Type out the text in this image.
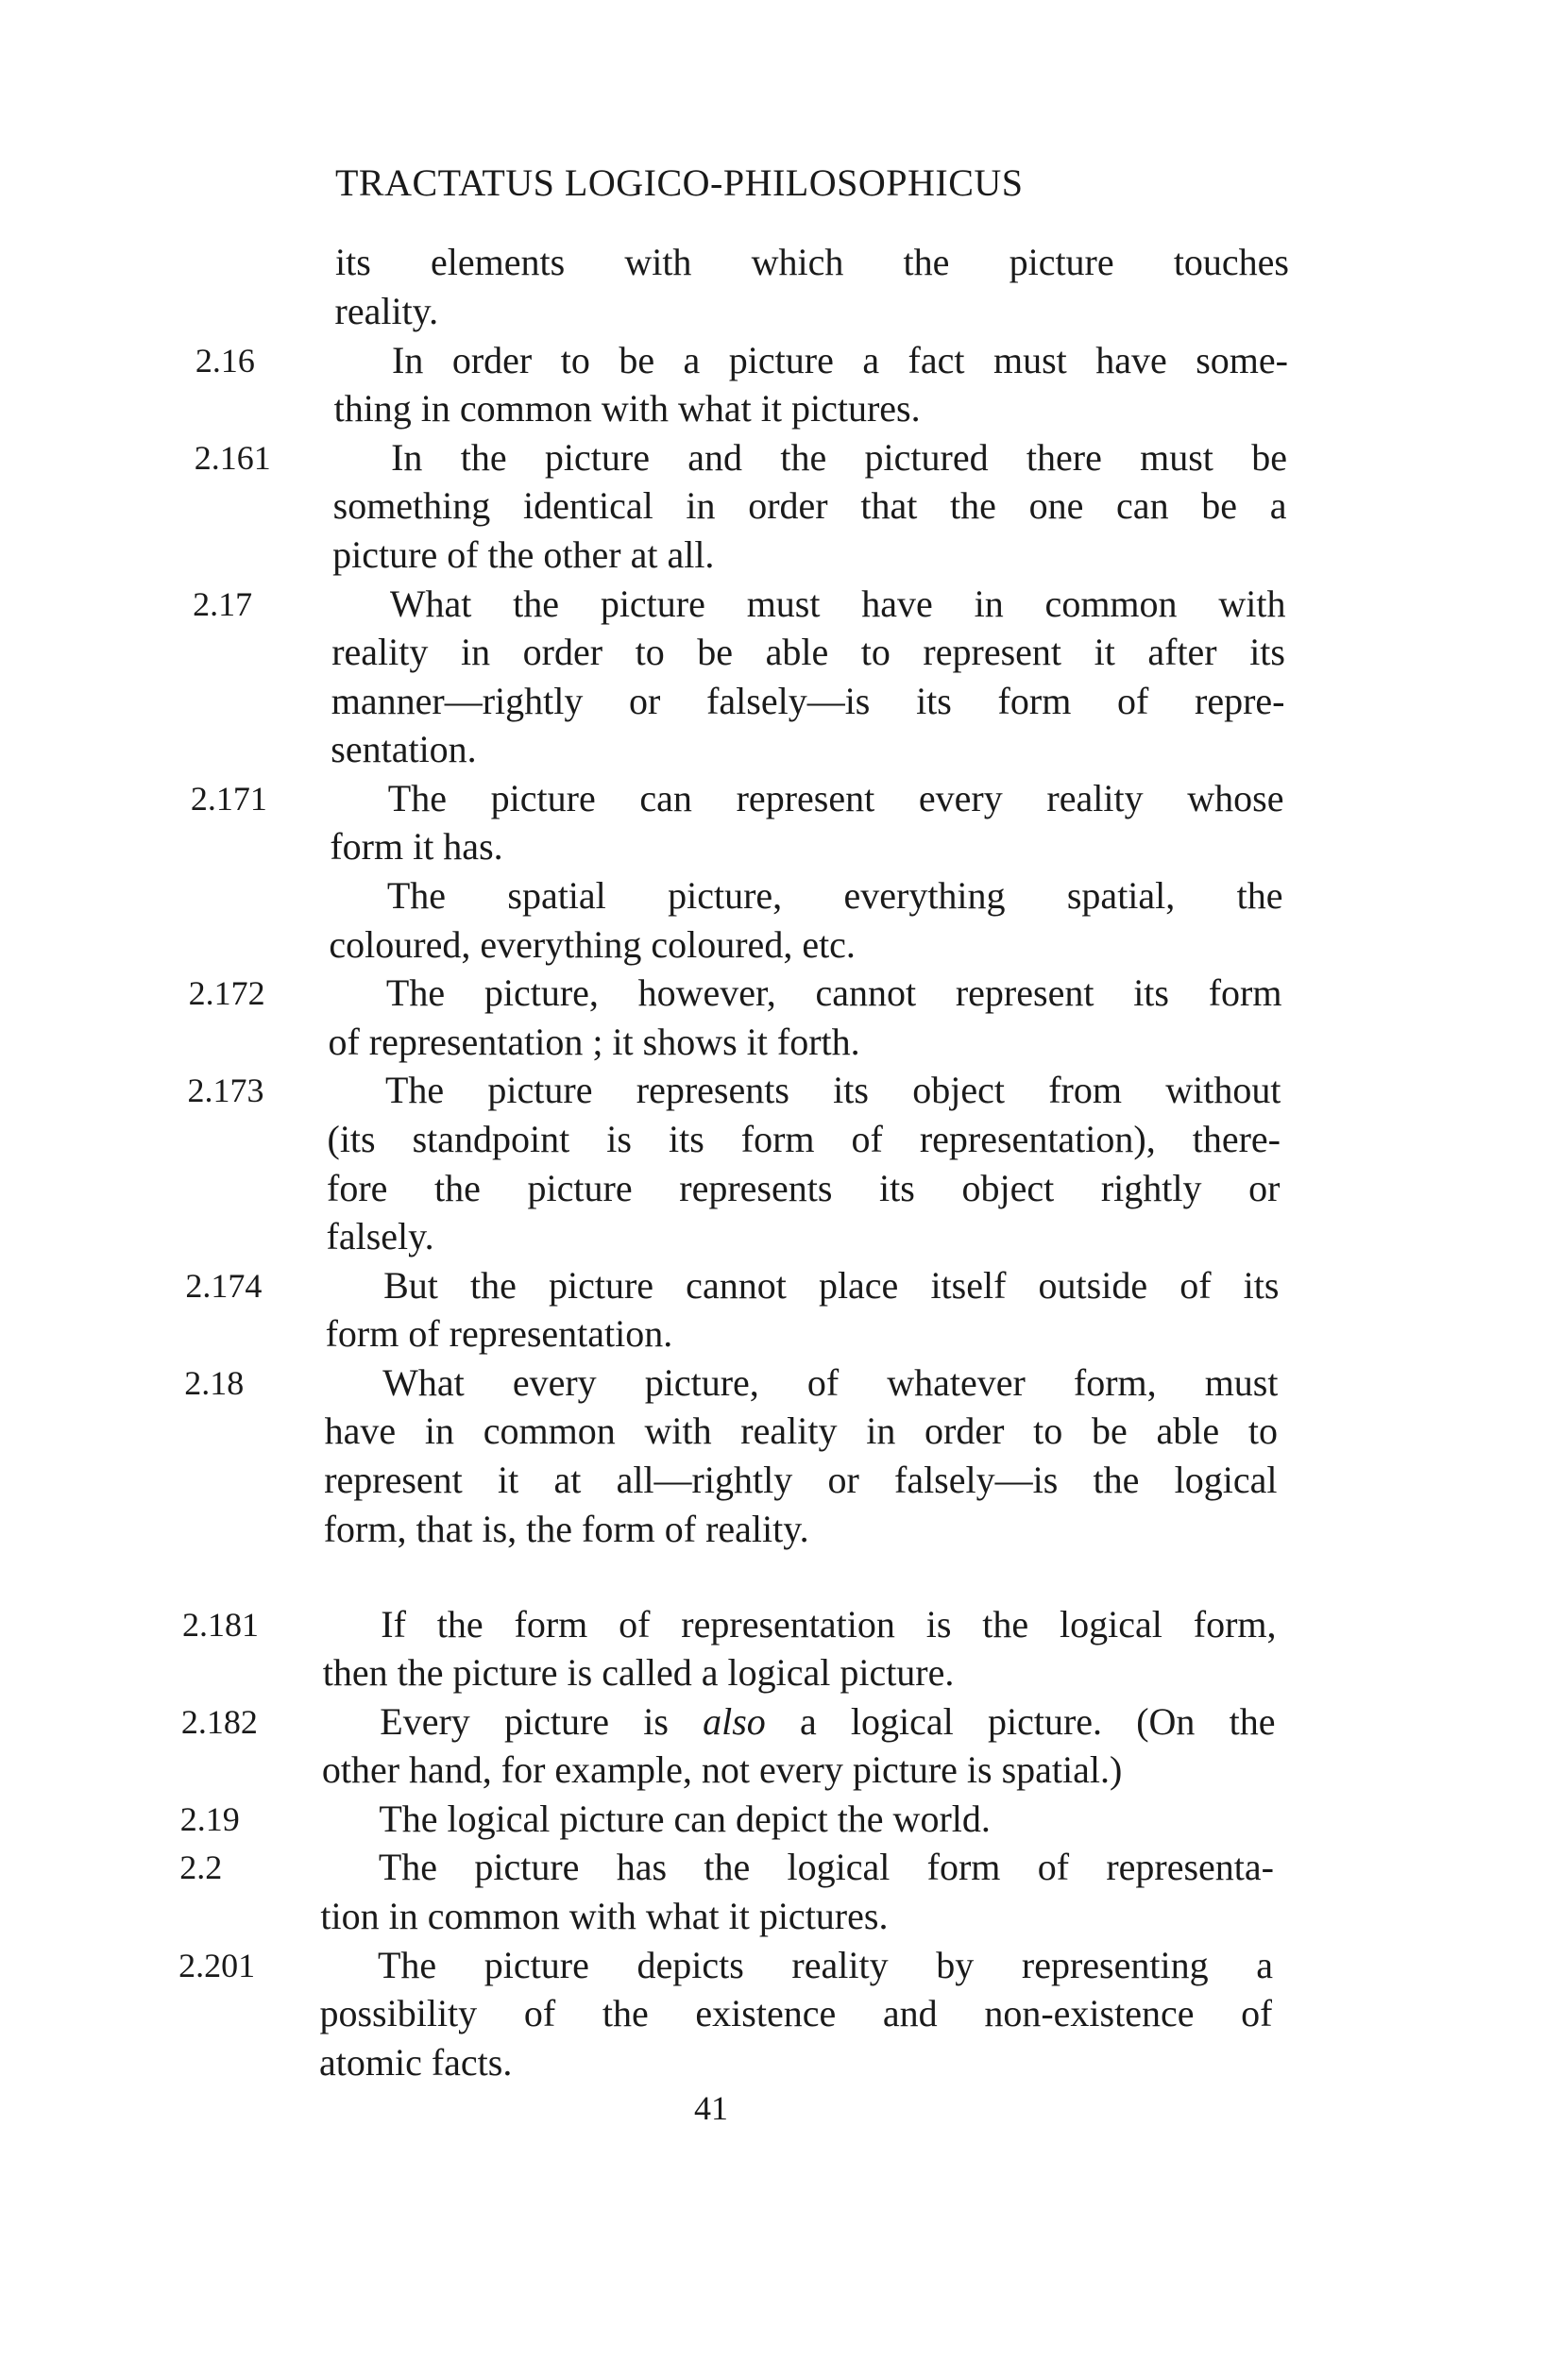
TRACTATUS LOGICO-PHILOSOPHICUS
its elements with which the picture touches
reality.
In order to be a picture a fact must have some-
thing in common with what it pictures.
2.16
In the picture and the pictured there must be
something identical in order that the one can be a
picture of the other at all.
2.161
What the picture must have in common with
reality in order to be able to represent it after its
manner—rightly or falsely—is its form of repre-
sentation.
2.17
The picture can represent every reality whose
form it has.
2.171
The spatial picture, everything spatial, the
coloured, everything coloured, etc.
The picture, however, cannot represent its form
of representation ; it shows it forth.
2.172
The picture represents its object from without
(its standpoint is its form of representation), there-
fore the picture represents its object rightly or
falsely.
2.173
But the picture cannot place itself outside of its
form of representation.
2.174
What every picture, of whatever form, must
have in common with reality in order to be able to
represent it at all—rightly or falsely—is the logical
form, that is, the form of reality.
2.18
If the form of representation is the logical form,
then the picture is called a logical picture.
2.181
Every picture is also a logical picture. (On the
other hand, for example, not every picture is spatial.)
2.182
The logical picture can depict the world.
2.19
The picture has the logical form of representa-
tion in common with what it pictures.
2.2
The picture depicts reality by representing a
possibility of the existence and non-existence of
atomic facts.
2.201
41
